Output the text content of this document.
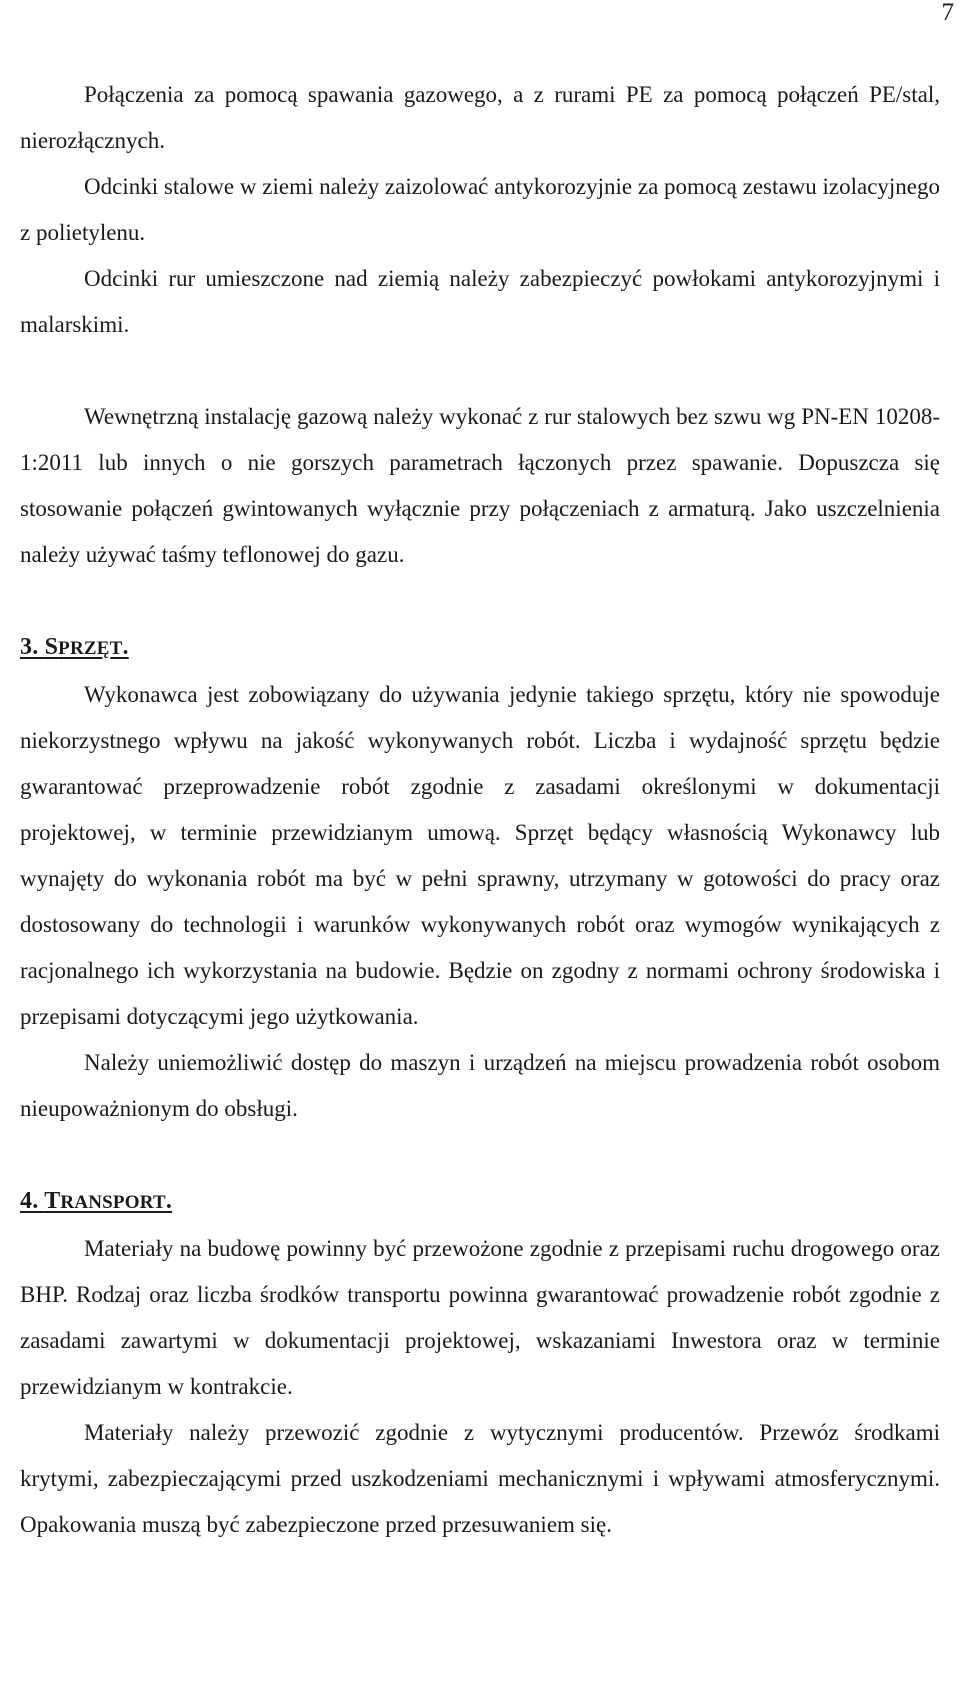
7

Połączenia za pomocą spawania gazowego, a z rurami PE za pomocą połączeń PE/stal, nierozłącznych.

Odcinki stalowe w ziemi należy zaizolować antykorozyjnie za pomocą zestawu izolacyjnego z polietylenu.

Odcinki rur umieszczone nad ziemią należy zabezpieczyć powłokami antykorozyjnymi i malarskimi.

Wewnętrzną instalację gazową należy wykonać z rur stalowych bez szwu wg PN-EN 10208-1:2011 lub innych o nie gorszych parametrach łączonych przez spawanie. Dopuszcza się stosowanie połączeń gwintowanych wyłącznie przy połączeniach z armaturą. Jako uszczelnienia należy używać taśmy teflonowej do gazu.

3. SPRZĘT.

Wykonawca jest zobowiązany do używania jedynie takiego sprzętu, który nie spowoduje niekorzystnego wpływu na jakość wykonywanych robót. Liczba i wydajność sprzętu będzie gwarantować przeprowadzenie robót zgodnie z zasadami określonymi w dokumentacji projektowej, w terminie przewidzianym umową. Sprzęt będący własnością Wykonawcy lub wynajęty do wykonania robót ma być w pełni sprawny, utrzymany w gotowości do pracy oraz dostosowany do technologii i warunków wykonywanych robót oraz wymogów wynikających z racjonalnego ich wykorzystania na budowie. Będzie on zgodny z normami ochrony środowiska i przepisami dotyczącymi jego użytkowania.

Należy uniemożliwić dostęp do maszyn i urządzeń na miejscu prowadzenia robót osobom nieupoważnionym do obsługi.

4. TRANSPORT.

Materiały na budowę powinny być przewożone zgodnie z przepisami ruchu drogowego oraz BHP. Rodzaj oraz liczba środków transportu powinna gwarantować prowadzenie robót zgodnie z zasadami zawartymi w dokumentacji projektowej, wskazaniami Inwestora oraz w terminie przewidzianym w kontrakcie.

Materiały należy przewozić zgodnie z wytycznymi producentów. Przewóz środkami krytymi, zabezpieczającymi przed uszkodzeniami mechanicznymi i wpływami atmosferycznymi. Opakowania muszą być zabezpieczone przed przesuwaniem się.
